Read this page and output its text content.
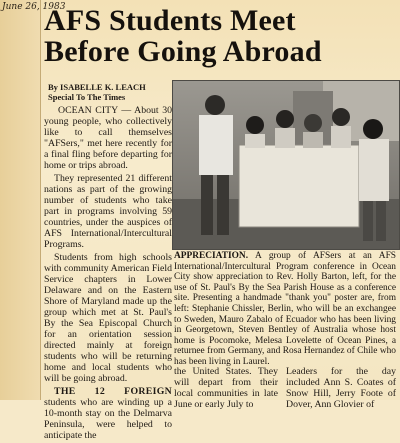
June 26, 1983
AFS Students Meet
Before Going Abroad
By ISABELLE K. LEACH
Special To The Times

OCEAN CITY — About 30 young people, who collectively like to call themselves "AFSers," met here recently for a final fling before departing for home or trips abroad.

They represented 21 different nations as part of the growing number of students who take part in programs involving 59 countries, under the auspices of AFS International/Intercultural Programs.

Students from high schools with community American Field Service chapters in Lower Delaware and on the Eastern Shore of Maryland made up the group which met at St. Paul's By the Sea Episcopal Church for an orientation session directed mainly at foreign students who will be returning home and local students who will be going abroad.

THE 12 FOREIGN students who are winding up a 10-month stay on the Delmarva Peninsula, were helped to anticipate the

APPRECIATION. A group of AFSers at an AFS International/Intercultural Program conference in Ocean City show appreciation to Rev. Holly Barton, left, for the use of St. Paul's By the Sea Parish House as a conference site. Presenting a handmade "thank you" poster are, from left: Stephanie Chissler, Berlin, who will be an exchangee to Sweden, Mauro Zabalo of Ecuador who has been living in Georgetown, Steven Bentley of Australia whose host home is Pocomoke, Melesa Lovelette of Ocean Pines, a returnee from Germany, and Rosa Hernandez of Chile who has been living in Laurel.
the United States. They will depart from their local communities in late June or early July to
Leaders for the day included Ann S. Coates of Snow Hill, Jerry Foote of Dover, Ann Glovier of
